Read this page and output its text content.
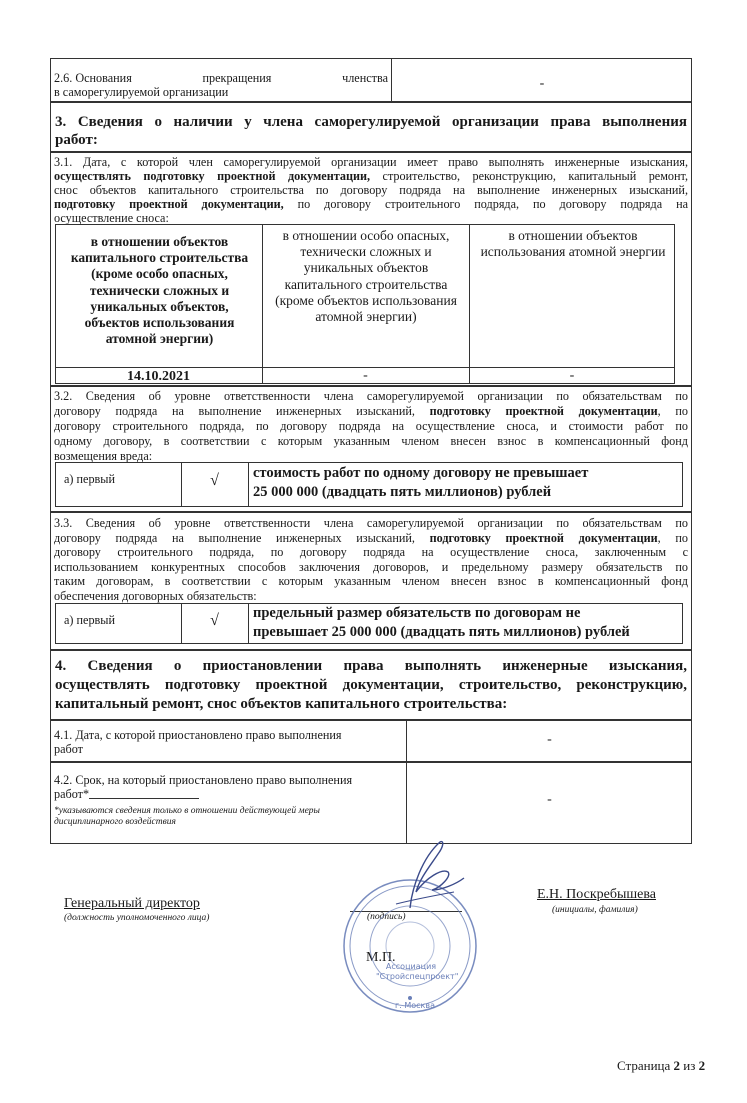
2.6. Основания	прекращения	членства
в саморегулируемой организации
-
3. Сведения о наличии у члена саморегулируемой организации права выполнения
работ:
3.1. Дата, с которой член саморегулируемой организации имеет право выполнять инженерные изыскания,
осуществлять подготовку проектной документации, строительство, реконструкцию, капитальный ремонт,
снос объектов капитального строительства по договору подряда на выполнение инженерных изысканий,
подготовку проектной документации, по договору строительного подряда, по договору подряда на
осуществление сноса:
в отношении объектов капитального строительства (кроме особо опасных, технически сложных и уникальных объектов, объектов использования атомной энергии)
в отношении особо опасных, технически сложных и уникальных объектов капитального строительства (кроме объектов использования атомной энергии)
в отношении объектов использования атомной энергии
14.10.2021	-	-
3.2. Сведения об уровне ответственности члена саморегулируемой организации по обязательствам по
договору подряда на выполнение инженерных изысканий, подготовку проектной документации, по
договору строительного подряда, по договору подряда на осуществление сноса, и стоимости работ по
одному договору, в соответствии с которым указанным членом внесен взнос в компенсационный фонд
возмещения вреда:
а) первый	√	стоимость работ по одному договору не превышает
25 000 000 (двадцать пять миллионов) рублей
3.3. Сведения об уровне ответственности члена саморегулируемой организации по обязательствам по
договору подряда на выполнение инженерных изысканий, подготовку проектной документации, по
договору строительного подряда, по договору подряда на осуществление сноса, заключенным с
использованием конкурентных способов заключения договоров, и предельному размеру обязательств по
таким договорам, в соответствии с которым указанным членом внесен взнос в компенсационный фонд
обеспечения договорных обязательств:
а) первый	√	предельный размер обязательств по договорам не
превышает 25 000 000 (двадцать пять миллионов) рублей
4. Сведения о приостановлении права выполнять инженерные изыскания,
осуществлять подготовку проектной документации, строительство, реконструкцию,
капитальный ремонт, снос объектов капитального строительства:
4.1. Дата, с которой приостановлено право выполнения
работ
-
4.2. Срок, на который приостановлено право выполнения
работ*
*указываются сведения только в отношении действующей меры
дисциплинарного воздействия
-
Генеральный директор
(должность уполномоченного лица)	(подпись)
Е.Н. Поскребышева
(инициалы, фамилия)
М.П.
Ассоциация
"Стройспецпроект"
г. Москва
Страница 2 из 2
